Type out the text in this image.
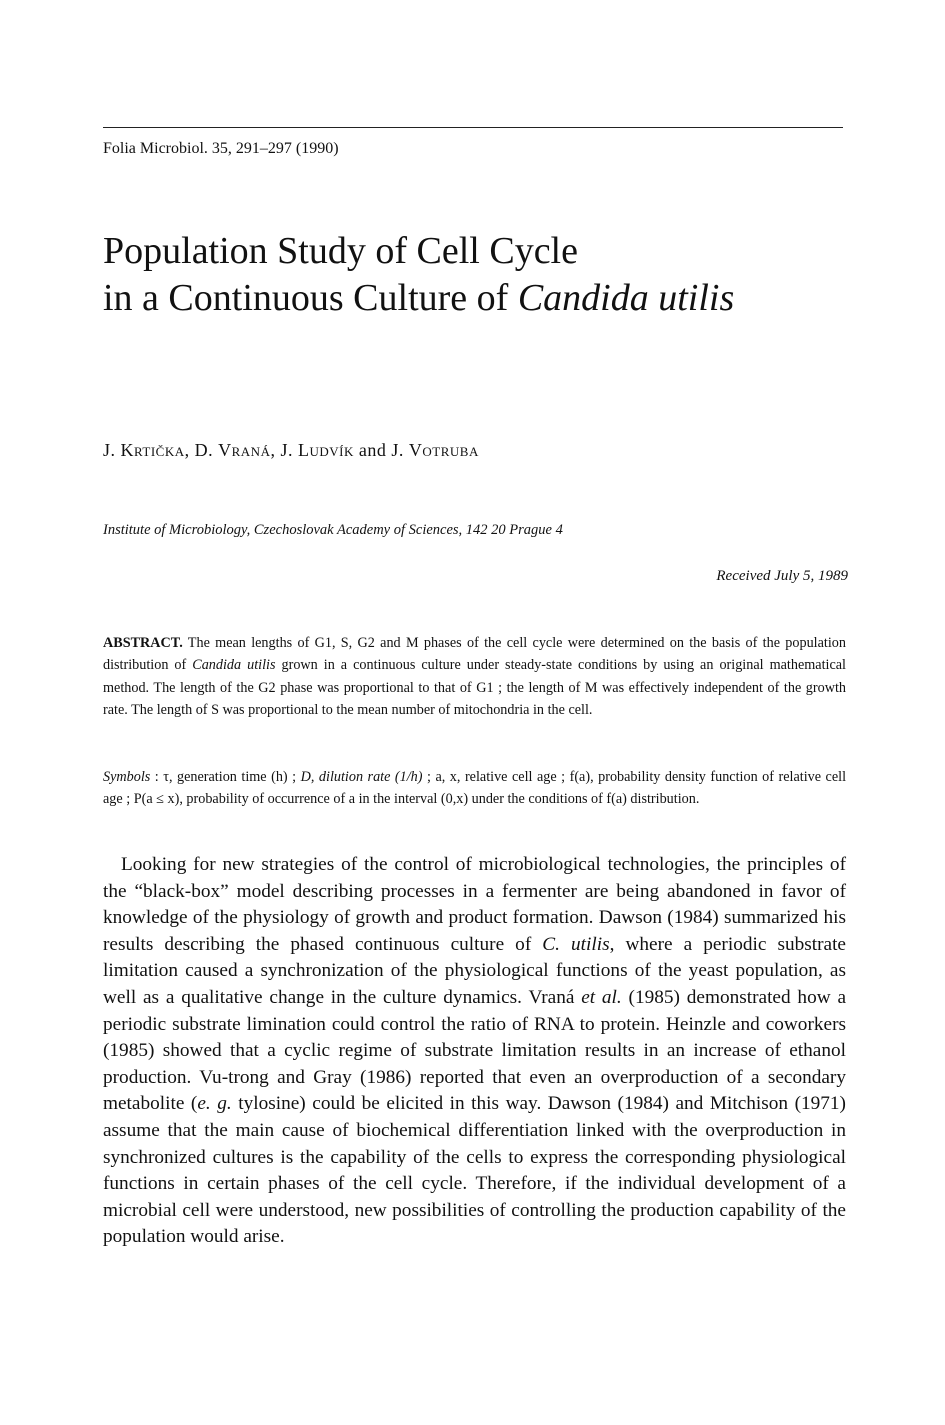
Folia Microbiol. 35, 291–297 (1990)
Population Study of Cell Cycle
in a Continuous Culture of Candida utilis
J. Krtička, D. Vraná, J. Ludvík and J. Votruba
Institute of Microbiology, Czechoslovak Academy of Sciences, 142 20 Prague 4
Received July 5, 1989

ABSTRACT. The mean lengths of G1, S, G2 and M phases of the cell cycle were determined on the basis of the population distribution of Candida utilis grown in a continuous culture under steady-state conditions by using an original mathematical method. The length of the G2 phase was proportional to that of G1 ; the length of M was effectively independent of the growth rate. The length of S was proportional to the mean number of mitochondria in the cell.

Symbols : τ, generation time (h) ; D, dilution rate (1/h) ; a, x, relative cell age ; f(a), probability density function of relative cell age ; P(a ≤ x), probability of occurrence of a in the interval (0,x) under the conditions of f(a) distribution.

Looking for new strategies of the control of microbiological technologies, the principles of the “black-box” model describing processes in a fermenter are being abandoned in favor of knowledge of the physiology of growth and product formation. Dawson (1984) summarized his results describing the phased continuous culture of C. utilis, where a periodic substrate limitation caused a synchronization of the physiological functions of the yeast population, as well as a qualitative change in the culture dynamics. Vraná et al. (1985) demonstrated how a periodic substrate limination could control the ratio of RNA to protein. Heinzle and coworkers (1985) showed that a cyclic regime of substrate limitation results in an increase of ethanol production. Vu-trong and Gray (1986) reported that even an overproduction of a secondary metabolite (e. g. tylosine) could be elicited in this way. Dawson (1984) and Mitchison (1971) assume that the main cause of biochemical differentiation linked with the overproduction in synchronized cultures is the capability of the cells to express the corresponding physiological functions in certain phases of the cell cycle. Therefore, if the individual development of a microbial cell were understood, new possibilities of controlling the production capability of the population would arise.
